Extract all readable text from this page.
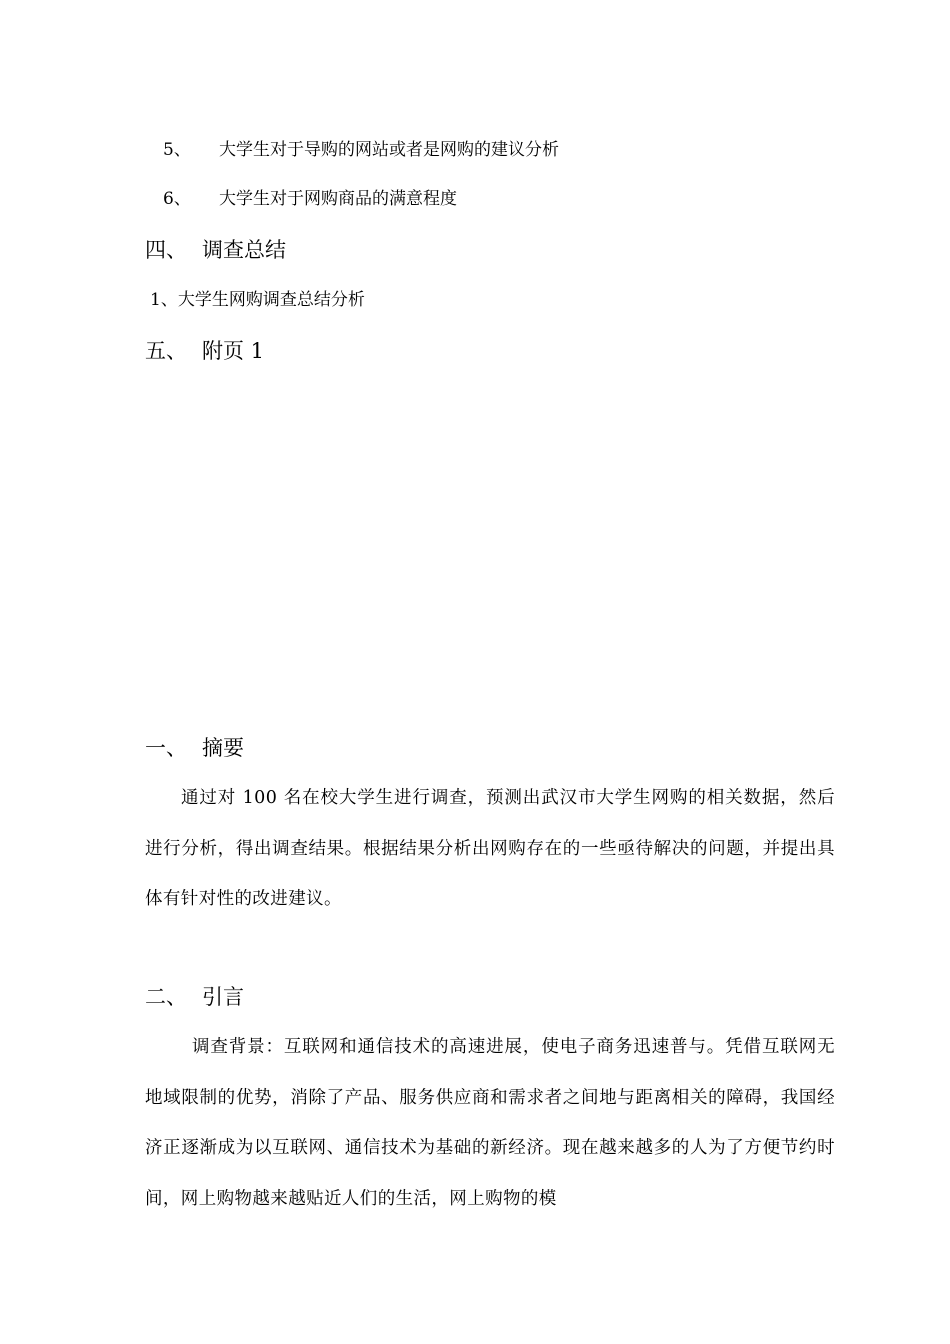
5、 大学生对于导购的网站或者是网购的建议分析
6、 大学生对于网购商品的满意程度
四、 调查总结
1、大学生网购调查总结分析
五、 附页 1
一、 摘要
通过对 100 名在校大学生进行调查，预测出武汉市大学生网购的相关数据，然后进行分析，得出调查结果。根据结果分析出网购存在的一些亟待解决的问题，并提出具体有针对性的改进建议。
二、 引言
调查背景：互联网和通信技术的高速进展，使电子商务迅速普与。凭借互联网无地域限制的优势，消除了产品、服务供应商和需求者之间地与距离相关的障碍，我国经济正逐渐成为以互联网、通信技术为基础的新经济。现在越来越多的人为了方便节约时间，网上购物越来越贴近人们的生活，网上购物的模
